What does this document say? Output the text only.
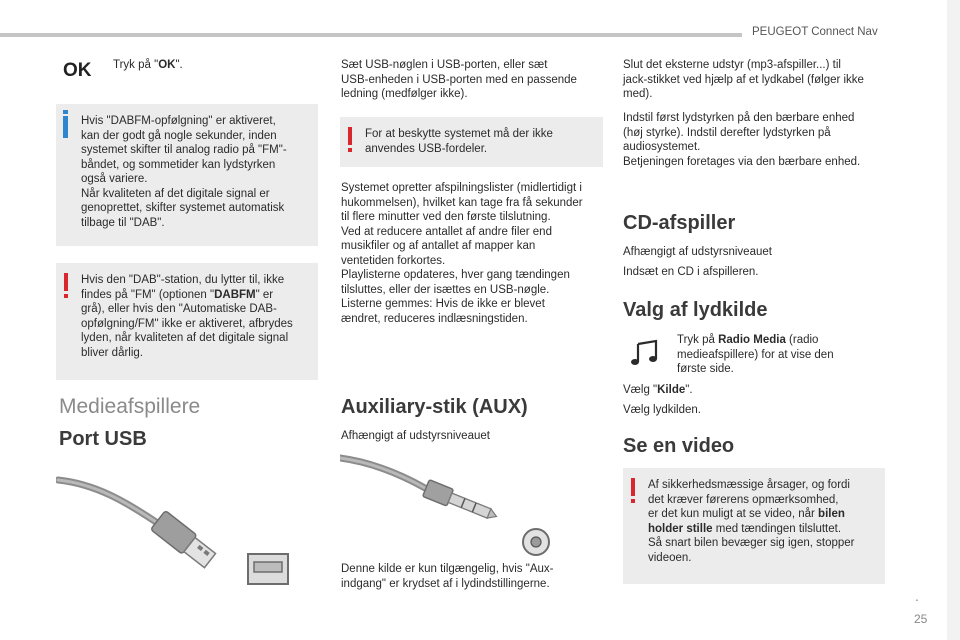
PEUGEOT Connect Nav
OK Tryk på "OK".
Hvis "DABFM-opfølgning" er aktiveret,
kan der godt gå nogle sekunder, inden
systemet skifter til analog radio på "FM"-
båndet, og sommetider kan lydstyrken
også variere.
Når kvaliteten af det digitale signal er
genoprettet, skifter systemet automatisk
tilbage til "DAB".
Hvis den "DAB"-station, du lytter til, ikke
findes på "FM" (optionen "DABFM" er
grå), eller hvis den "Automatiske DAB-
opfølgning/FM" ikke er aktiveret, afbrydes
lyden, når kvaliteten af det digitale signal
bliver dårlig.
Medieafspillere
Port USB
Sæt USB-nøglen i USB-porten, eller sæt
USB-enheden i USB-porten med en passende
ledning (medfølger ikke).
For at beskytte systemet må der ikke
anvendes USB-fordeler.
Systemet opretter afspilningslister (midlertidigt i
hukommelsen), hvilket kan tage fra få sekunder
til flere minutter ved den første tilslutning.
Ved at reducere antallet af andre filer end
musikfiler og af antallet af mapper kan
ventetiden forkortes.
Playlisterne opdateres, hver gang tændingen
tilsluttes, eller der isættes en USB-nøgle.
Listerne gemmes: Hvis de ikke er blevet
ændret, reduceres indlæsningstiden.
Auxiliary-stik (AUX)
Afhængigt af udstyrsniveauet
Denne kilde er kun tilgængelig, hvis "Aux-
indgang" er krydset af i lydindstillingerne.
Slut det eksterne udstyr (mp3-afspiller...) til
jack-stikket ved hjælp af et lydkabel (følger ikke
med).
Indstil først lydstyrken på den bærbare enhed
(høj styrke). Indstil derefter lydstyrken på
audiosystemet.
Betjeningen foretages via den bærbare enhed.
CD-afspiller
Afhængigt af udstyrsniveauet
Indsæt en CD i afspilleren.
Valg af lydkilde
Tryk på Radio Media (radio
medieafspillere) for at vise den
første side.
Vælg "Kilde".
Vælg lydkilden.
Se en video
Af sikkerhedsmæssige årsager, og fordi
det kræver førerens opmærksomhed,
er det kun muligt at se video, når bilen
holder stille med tændingen tilsluttet.
Så snart bilen bevæger sig igen, stopper
videoen.
.
25
